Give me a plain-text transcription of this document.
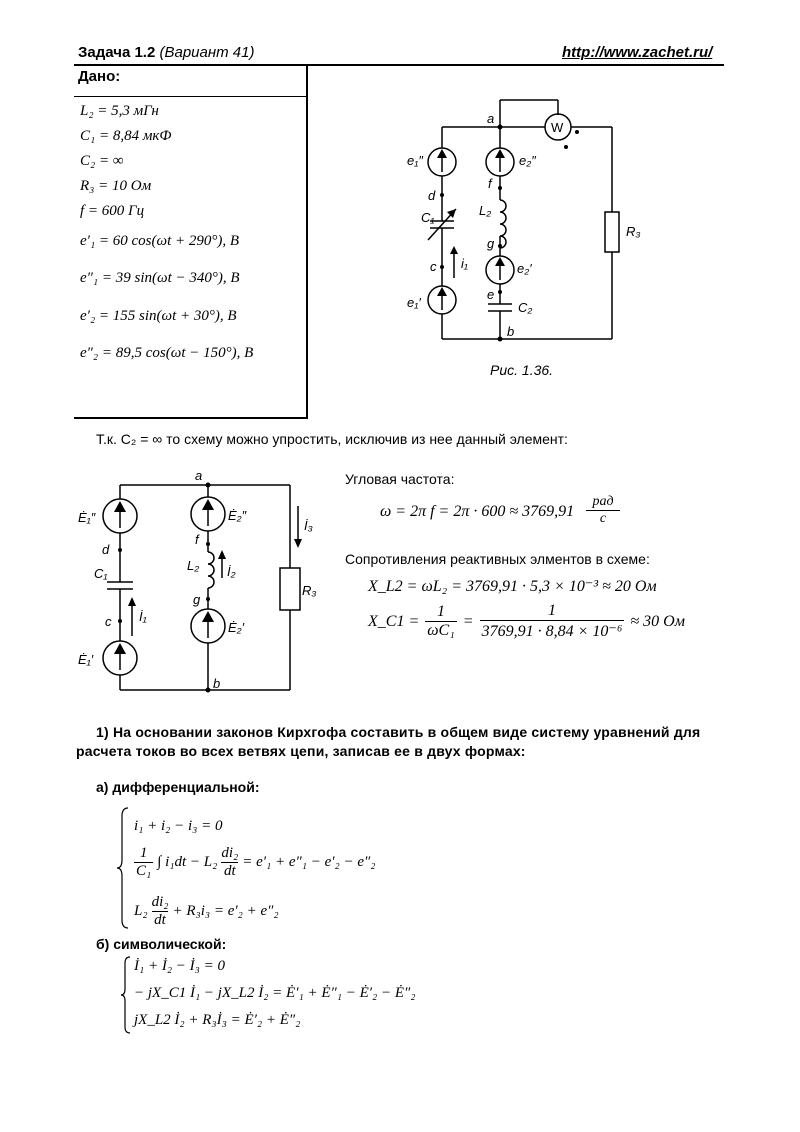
Задача 1.2 (Вариант 41)	http://www.zachet.ru/
Дано:
L₂ = 5,3 мГн
C₁ = 8,84 мкФ
C₂ = ∞
R₃ = 10 Ом
f = 600 Гц
e′₁ = 60 cos(ωt + 290°), B
e″₁ = 39 sin(ωt − 340°), B
e′₂ = 155 sin(ωt + 30°), B
e″₂ = 89,5 cos(ωt − 150°), B
a
b
c
d
e
f
g
W
C₁
C₂
L₂
R₃
i₁
e₁″	e₂″
e₁′
e₂′
Рис. 1.36.
Т.к. C₂ = ∞ то схему можно упростить, исключив из нее данный элемент:
a
b
c
d
f
g
C₁
L₂
R₃
İ₁
İ₂
İ₃
Ė₁″	Ė₂″
Ė₁′
Ė₂′
Угловая частота:
ω = 2π f = 2π · 600 ≈ 3769,91
рад
с
Сопротивления реактивных элментов в схеме:
X_L2 = ωL₂ = 3769,91 · 5,3 × 10⁻³ ≈ 20 Ом
X_C1 = $\frac{1}{\text{ωC₁}} = \frac{1}{\text{3769,91 · 8,84 × 10⁻⁶}} \approx 30$ Ом
1) На основании законов Кирхгофа составить в общем виде систему уравнений для расчета токов во всех ветвях цепи, записав ее в двух формах:
а) дифференциальной:
i₁ + i₂ − i₃ = 0
$\frac{1}{\text{C₁}}$ ∫ $i_1dt - L_2 \frac{\text{di₂}}{dt} = e'_1 + e''_1 - e'_2 - e''_2$
$L_2 \frac{\text{di₂}}{dt} + R_3i_3 = e'_2 + e''_2$
б) символической:
İ₁ + İ₂ − İ₃ = 0
− jX_C1 İ₁ − jX_L2 İ₂ = Ė′₁ + Ė″₁ − Ė′₂ − Ė″₂
jX_L2 İ₂ + R₃İ₃ = Ė′₂ + Ė″₂
